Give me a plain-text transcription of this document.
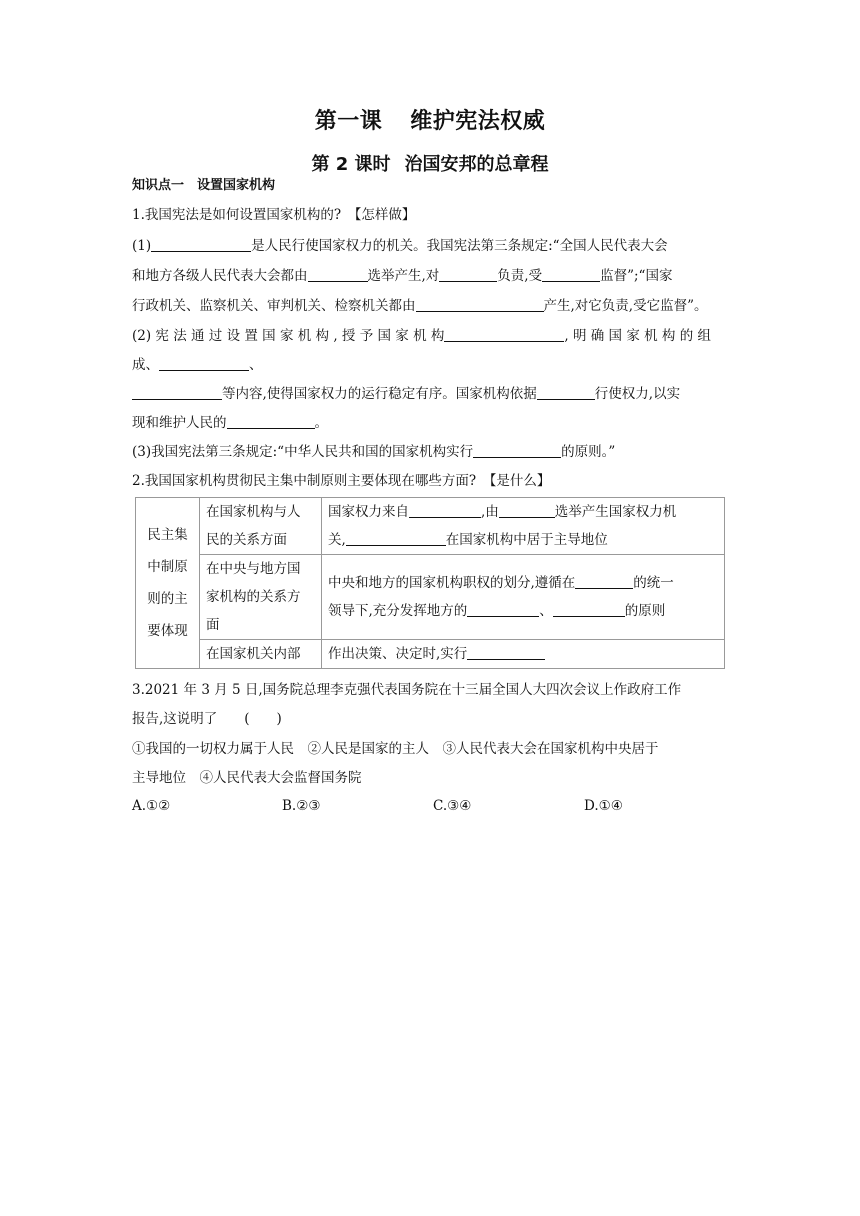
第一课 维护宪法权威
第 2 课时 治国安邦的总章程
知识点一　设置国家机构
1.我国宪法是如何设置国家机构的?　【怎样做】
(1)	是人民行使国家权力的机关。我国宪法第三条规定:“全国人民代表大会
和地方各级人民代表大会都由	选举产生,对	负责,受	监督”;“国家
行政机关、监察机关、审判机关、检察机关都由	产生,对它负责,受它监督”。
(2) 宪 法 通 过 设 置 国 家 机 构 , 授 予 国 家 机 构	, 明 确 国 家 机 构 的 组
成、	、
等内容,使得国家权力的运行稳定有序。国家机构依据	行使权力,以实
现和维护人民的	。
(3)我国宪法第三条规定:“中华人民共和国的国家机构实行	的原则。”
2.我国国家机构贯彻民主集中制原则主要体现在哪些方面?　【是什么】
民主集
中制原
则的主
要体现	在国家机构与人
民的关系方面	国家权力来自 ,由 选举产生国家权力机
关, 在国家机构中居于主导地位
	在中央与地方国
家机构的关系方
面	中央和地方的国家机构职权的划分,遵循在 的统一
领导下,充分发挥地方的 、 的原则
	在国家机关内部	作出决策、决定时,实行
3.2021 年 3 月 5 日,国务院总理李克强代表国务院在十三届全国人大四次会议上作政府工作
报告,这说明了　　(　　)
①我国的一切权力属于人民　②人民是国家的主人　③人民代表大会在国家机构中央居于
主导地位　④人民代表大会监督国务院
A.①②	B.②③	C.③④	D.①④
